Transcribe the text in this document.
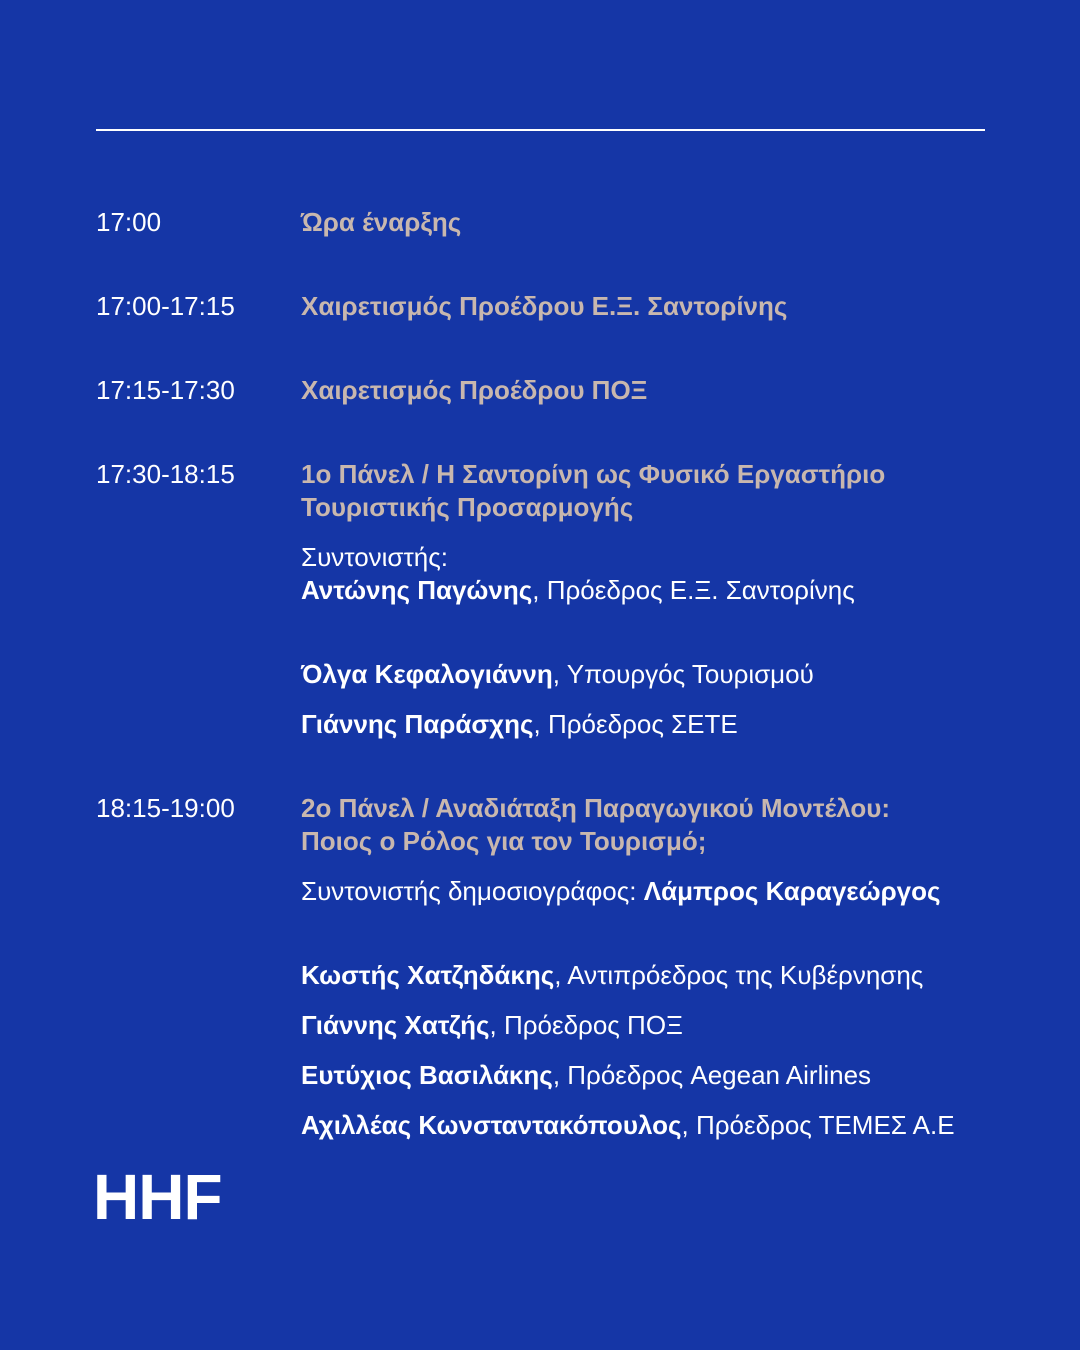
17:00	Ώρα έναρξης
17:00-17:15	Χαιρετισμός Προέδρου Ε.Ξ. Σαντορίνης
17:15-17:30	Χαιρετισμός Προέδρου ΠΟΞ
17:30-18:15	1ο Πάνελ / Η Σαντορίνη ως Φυσικό Εργαστήριο
Τουριστικής Προσαρμογής
Συντονιστής:
Αντώνης Παγώνης, Πρόεδρος Ε.Ξ. Σαντορίνης
Όλγα Κεφαλογιάννη, Υπουργός Τουρισμού
Γιάννης Παράσχης, Πρόεδρος ΣΕΤΕ
18:15-19:00	2ο Πάνελ / Αναδιάταξη Παραγωγικού Μοντέλου:
Ποιος ο Ρόλος για τον Τουρισμό;
Συντονιστής δημοσιογράφος: Λάμπρος Καραγεώργος
Κωστής Χατζηδάκης, Αντιπρόεδρος της Κυβέρνησης
Γιάννης Χατζής, Πρόεδρος ΠΟΞ
Ευτύχιος Βασιλάκης, Πρόεδρος Aegean Airlines
Αχιλλέας Κωνσταντακόπουλος, Πρόεδρος ΤΕΜΕΣ Α.Ε
HHF
